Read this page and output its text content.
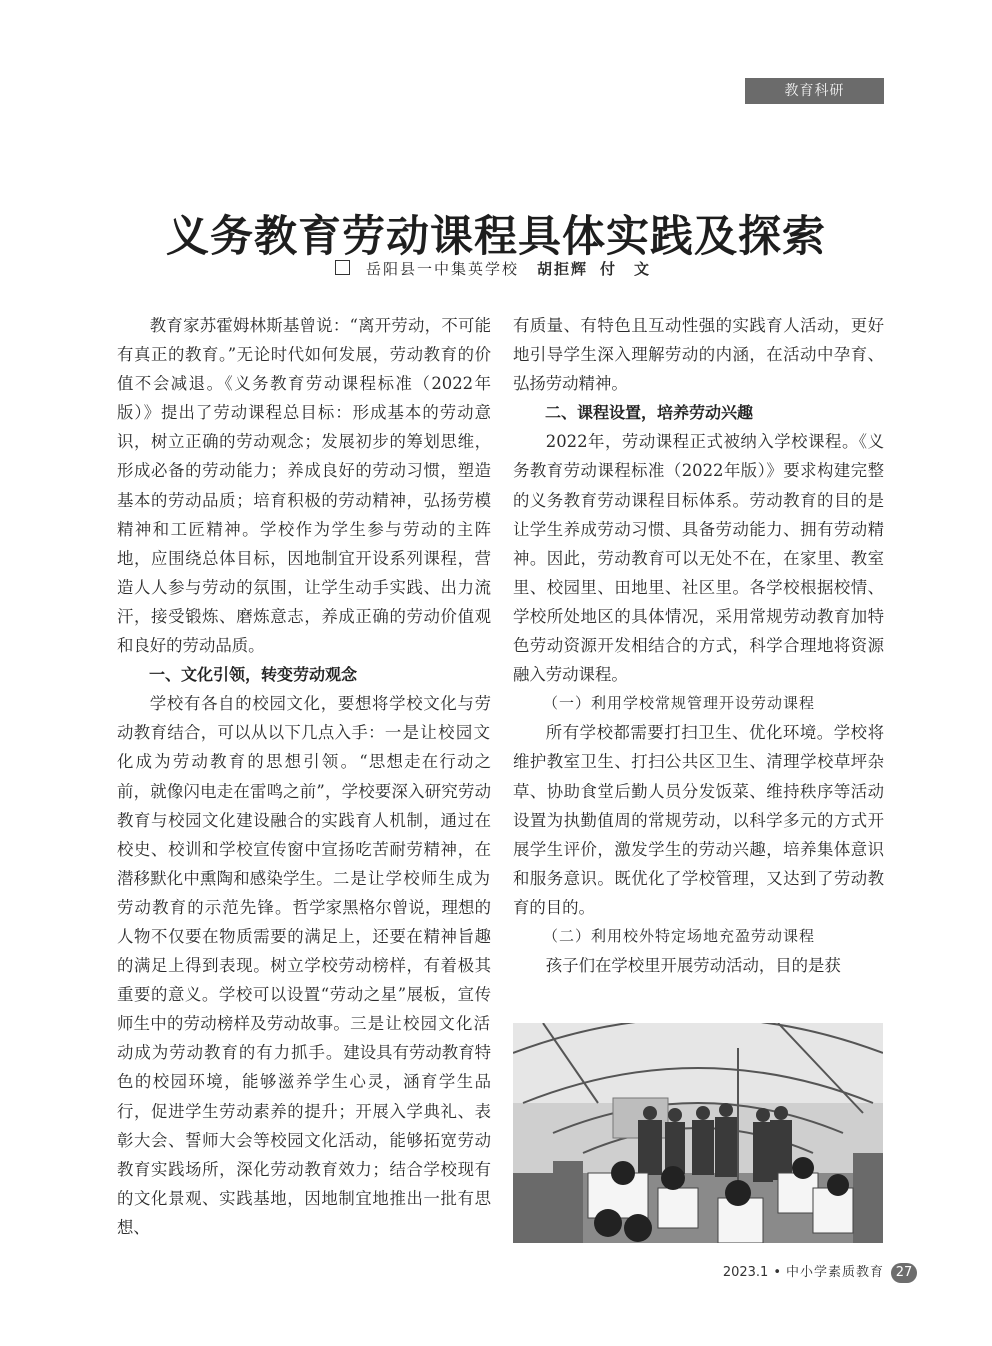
教育科研
义务教育劳动课程具体实践及探索
岳阳县一中集英学校 胡拒辉 付　文

教育家苏霍姆林斯基曾说：“离开劳动，不可能有真正的教育。”无论时代如何发展，劳动教育的价值不会减退。《义务教育劳动课程标准（2022年版）》提出了劳动课程总目标：形成基本的劳动意识，树立正确的劳动观念；发展初步的筹划思维，形成必备的劳动能力；养成良好的劳动习惯，塑造基本的劳动品质；培育积极的劳动精神，弘扬劳模精神和工匠精神。学校作为学生参与劳动的主阵地，应围绕总体目标，因地制宜开设系列课程，营造人人参与劳动的氛围，让学生动手实践、出力流汗，接受锻炼、磨炼意志，养成正确的劳动价值观和良好的劳动品质。

一、文化引领，转变劳动观念

学校有各自的校园文化，要想将学校文化与劳动教育结合，可以从以下几点入手：一是让校园文化成为劳动教育的思想引领。“思想走在行动之前，就像闪电走在雷鸣之前”，学校要深入研究劳动教育与校园文化建设融合的实践育人机制，通过在校史、校训和学校宣传窗中宣扬吃苦耐劳精神，在潜移默化中熏陶和感染学生。二是让学校师生成为劳动教育的示范先锋。哲学家黑格尔曾说，理想的人物不仅要在物质需要的满足上，还要在精神旨趣的满足上得到表现。树立学校劳动榜样，有着极其重要的意义。学校可以设置“劳动之星”展板，宣传师生中的劳动榜样及劳动故事。三是让校园文化活动成为劳动教育的有力抓手。建设具有劳动教育特色的校园环境，能够滋养学生心灵，涵育学生品行，促进学生劳动素养的提升；开展入学典礼、表彰大会、誓师大会等校园文化活动，能够拓宽劳动教育实践场所，深化劳动教育效力；结合学校现有的文化景观、实践基地，因地制宜地推出一批有思想、

有质量、有特色且互动性强的实践育人活动，更好地引导学生深入理解劳动的内涵，在活动中孕育、弘扬劳动精神。

二、课程设置，培养劳动兴趣

2022年，劳动课程正式被纳入学校课程。《义务教育劳动课程标准（2022年版）》要求构建完整的义务教育劳动课程目标体系。劳动教育的目的是让学生养成劳动习惯、具备劳动能力、拥有劳动精神。因此，劳动教育可以无处不在，在家里、教室里、校园里、田地里、社区里。各学校根据校情、学校所处地区的具体情况，采用常规劳动教育加特色劳动资源开发相结合的方式，科学合理地将资源融入劳动课程。

（一）利用学校常规管理开设劳动课程

所有学校都需要打扫卫生、优化环境。学校将维护教室卫生、打扫公共区卫生、清理学校草坪杂草、协助食堂后勤人员分发饭菜、维持秩序等活动设置为执勤值周的常规劳动，以科学多元的方式开展学生评价，激发学生的劳动兴趣，培养集体意识和服务意识。既优化了学校管理，又达到了劳动教育的目的。

（二）利用校外特定场地充盈劳动课程

孩子们在学校里开展劳动活动，目的是获

2023.1 • 中小学素质教育 27
